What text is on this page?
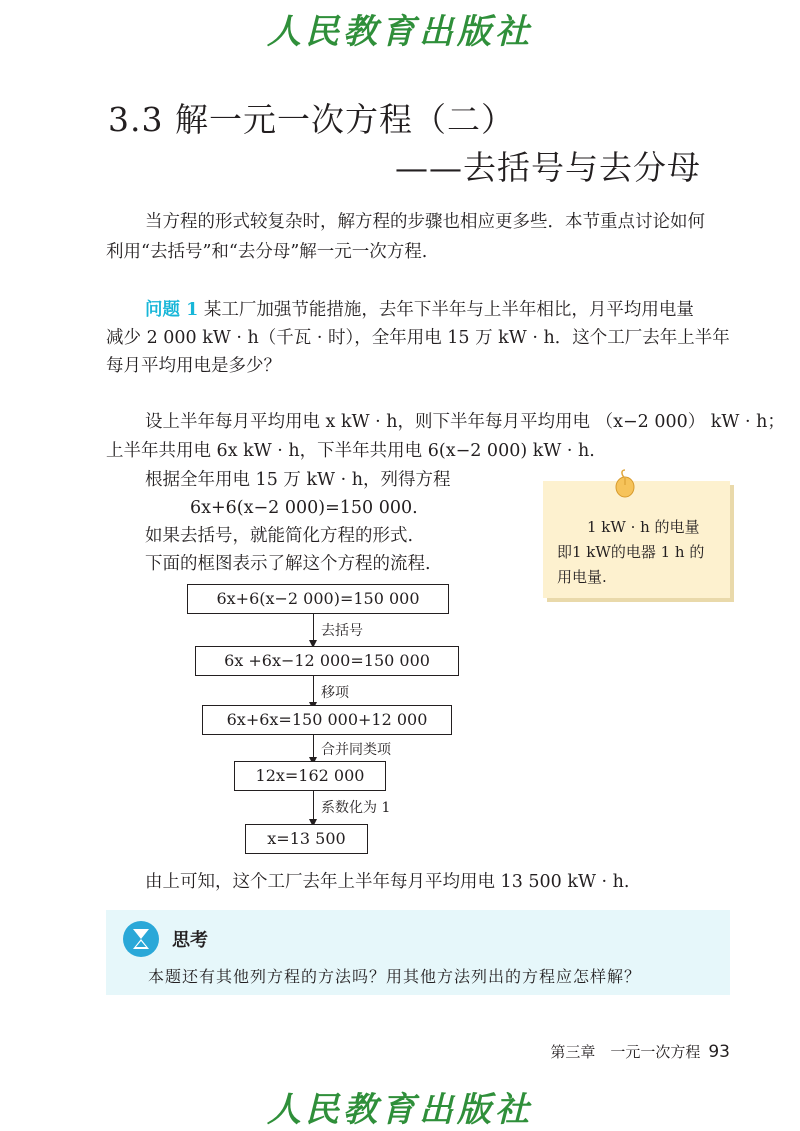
人民教育出版社
3.3 解一元一次方程（二）
——去括号与去分母
当方程的形式较复杂时，解方程的步骤也相应更多些．本节重点讨论如何
利用“去括号”和“去分母”解一元一次方程.
问题 1 某工厂加强节能措施，去年下半年与上半年相比，月平均用电量
减少 2 000 kW · h（千瓦 · 时），全年用电 15 万 kW · h．这个工厂去年上半年
每月平均用电是多少？
设上半年每月平均用电 x kW · h，则下半年每月平均用电 （x−2 000） kW · h；
上半年共用电 6x kW · h，下半年共用电 6(x−2 000) kW · h.
根据全年用电 15 万 kW · h，列得方程
6x+6(x−2 000)=150 000.
如果去括号，就能简化方程的形式.
下面的框图表示了解这个方程的流程.
1 kW · h 的电量
即1 kW的电器 1 h 的
用电量.
6x+6(x−2 000)=150 000
去括号
6x +6x−12 000=150 000
移项
6x+6x=150 000+12 000
合并同类项
12x=162 000
系数化为 1
x=13 500
由上可知，这个工厂去年上半年每月平均用电 13 500 kW · h.
思考
本题还有其他列方程的方法吗？用其他方法列出的方程应怎样解？
第三章　一元一次方程 93
人民教育出版社
